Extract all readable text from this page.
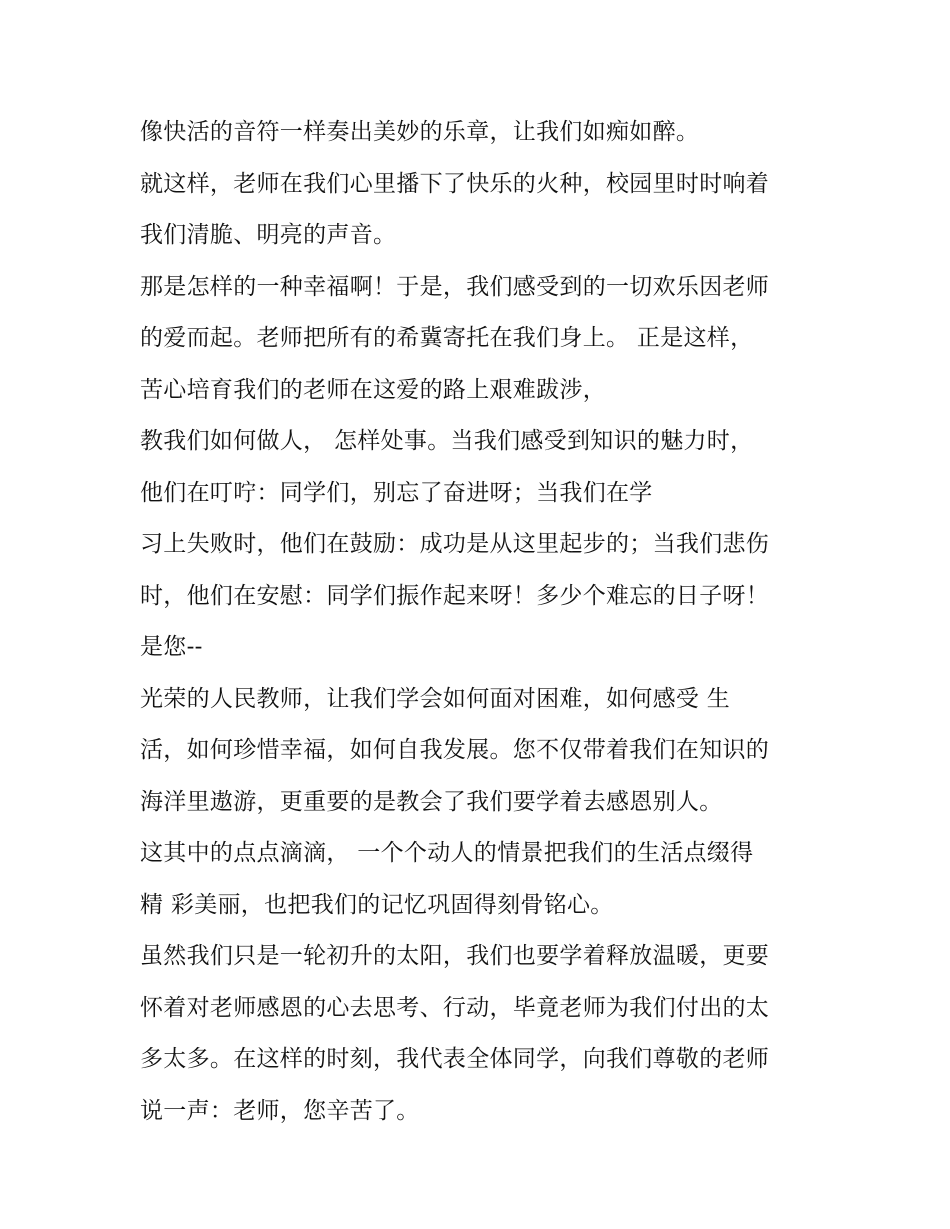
像快活的音符一样奏出美妙的乐章，让我们如痴如醉。
就这样，老师在我们心里播下了快乐的火种，校园里时时响着
我们清脆、明亮的声音。
那是怎样的一种幸福啊！于是，我们感受到的一切欢乐因老师
的爱而起。老师把所有的希冀寄托在我们身上。 正是这样，
苦心培育我们的老师在这爱的路上艰难跋涉，
教我们如何做人， 怎样处事。当我们感受到知识的魅力时，
他们在叮咛：同学们，别忘了奋进呀；当我们在学
习上失败时，他们在鼓励：成功是从这里起步的；当我们悲伤
时，他们在安慰：同学们振作起来呀！多少个难忘的日子呀！
是您--
光荣的人民教师，让我们学会如何面对困难，如何感受 生
活，如何珍惜幸福，如何自我发展。您不仅带着我们在知识的
海洋里遨游，更重要的是教会了我们要学着去感恩别人。
这其中的点点滴滴， 一个个动人的情景把我们的生活点缀得
精 彩美丽，也把我们的记忆巩固得刻骨铭心。
虽然我们只是一轮初升的太阳，我们也要学着释放温暖，更要
怀着对老师感恩的心去思考、行动，毕竟老师为我们付出的太
多太多。在这样的时刻，我代表全体同学，向我们尊敬的老师
说一声：老师，您辛苦了。
